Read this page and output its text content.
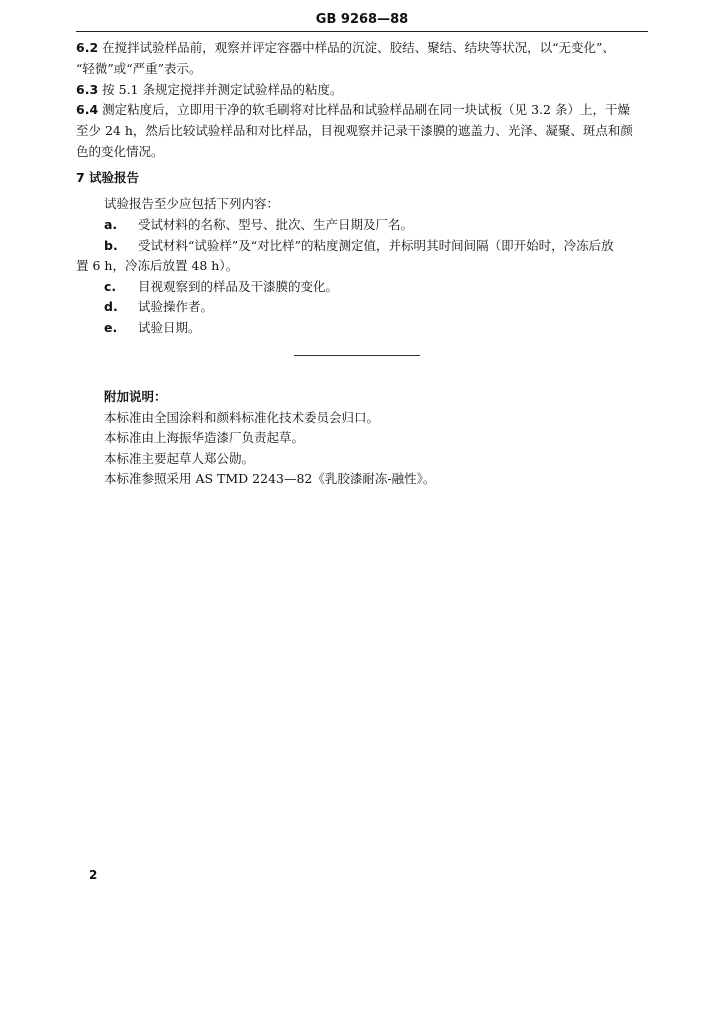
GB 9268—88
6.2 在搅拌试验样品前，观察并评定容器中样品的沉淀、胶结、聚结、结块等状况，以“无变化”、
“轻微”或“严重”表示。
6.3 按 5.1 条规定搅拌并测定试验样品的粘度。
6.4 测定粘度后，立即用干净的软毛刷将对比样品和试验样品刷在同一块试板（见 3.2 条）上，干燥
至少 24 h，然后比较试验样品和对比样品，目视观察并记录干漆膜的遮盖力、光泽、凝聚、斑点和颜
色的变化情况。
7 试验报告
试验报告至少应包括下列内容：
a. 受试材料的名称、型号、批次、生产日期及厂名。
b. 受试材料“试验样”及“对比样”的粘度测定值，并标明其时间间隔（即开始时，冷冻后放
置 6 h，冷冻后放置 48 h）。
c. 目视观察到的样品及干漆膜的变化。
d. 试验操作者。
e. 试验日期。
附加说明：
本标准由全国涂料和颜料标准化技术委员会归口。
本标准由上海振华造漆厂负责起草。
本标准主要起草人郑公勋。
本标准参照采用 AS TMD 2243—82《乳胶漆耐冻-融性》。
2
